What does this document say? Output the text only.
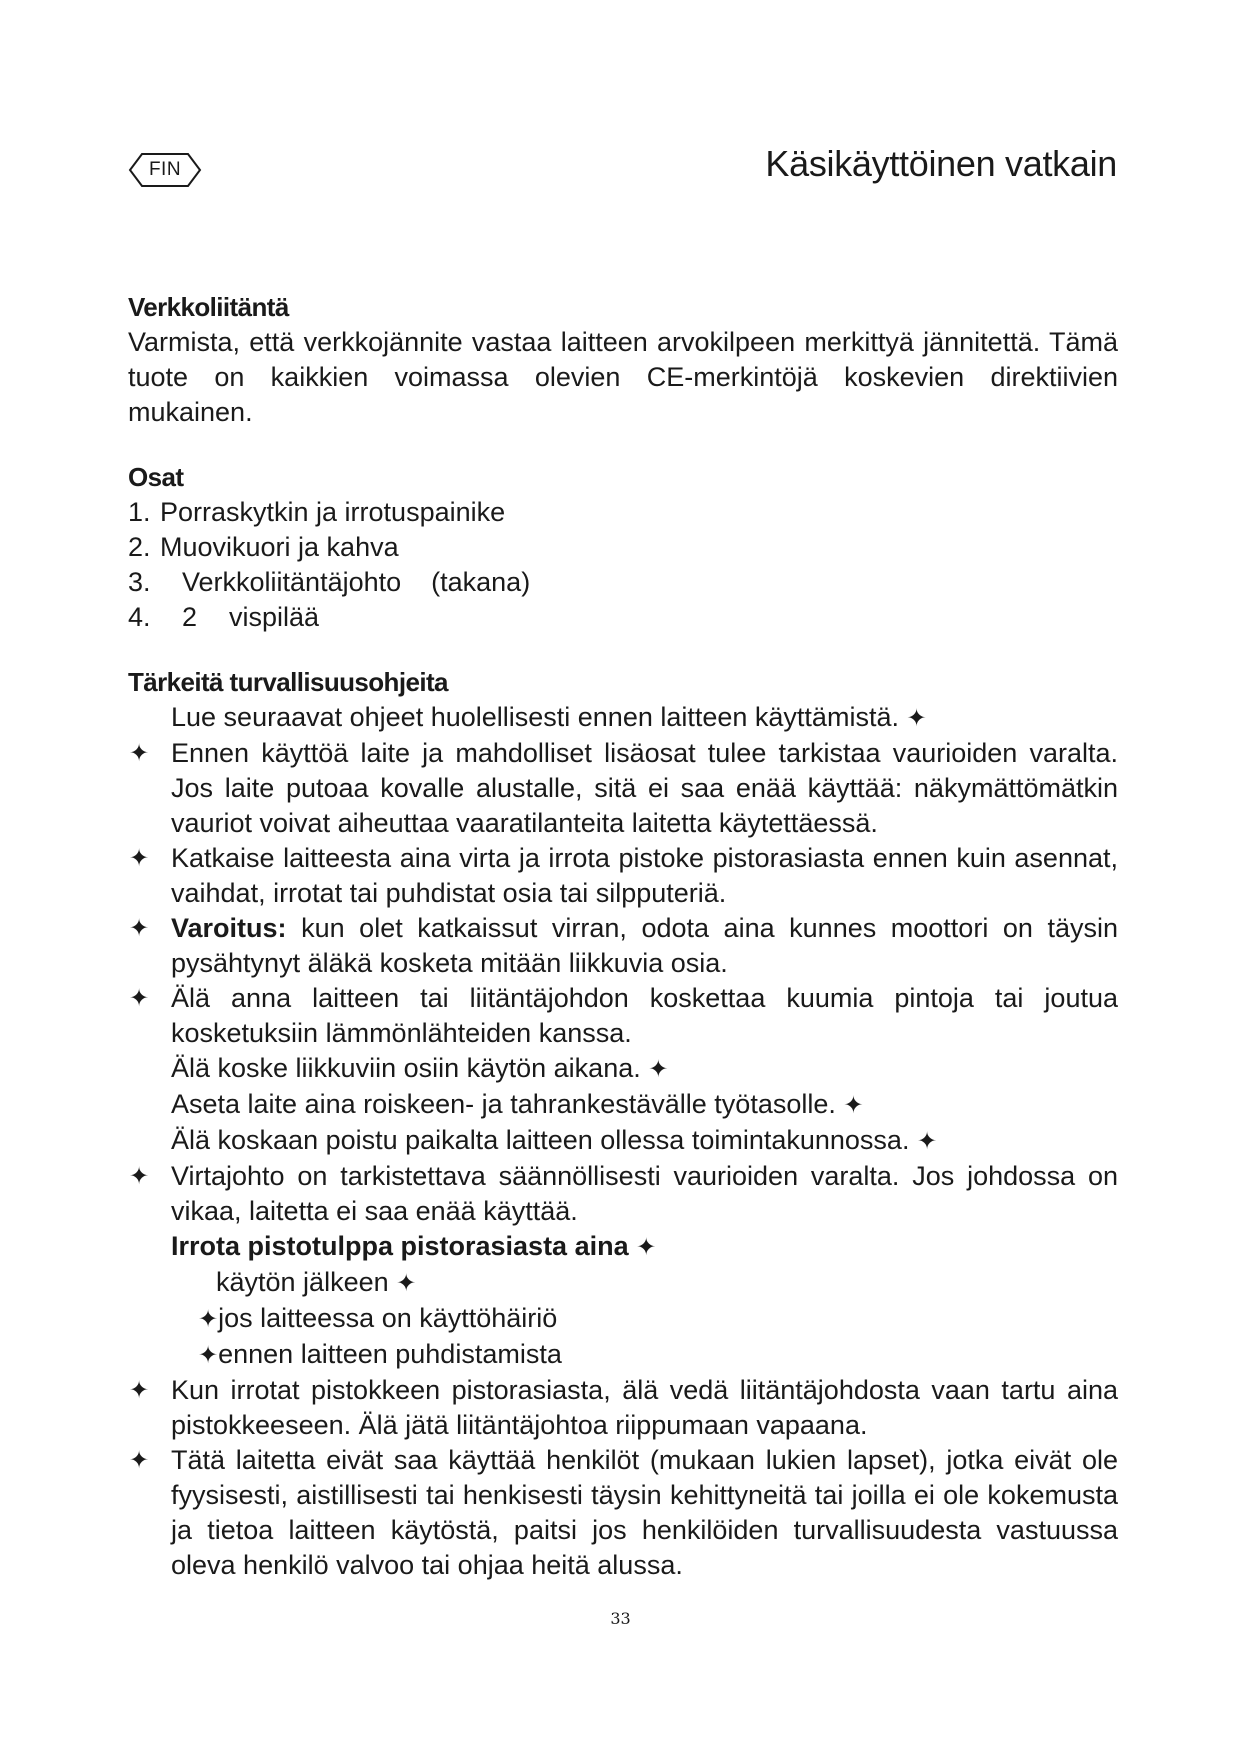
FIN	Käsikäyttöinen vatkain
Verkkoliitäntä

Varmista, että verkkojännite vastaa laitteen arvokilpeen merkittyä jännitettä. Tämä tuote on kaikkien voimassa olevien CE-merkintöjä koskevien direktiivien mukainen.

Osat
1. Porraskytkin ja irrotuspainike
2. Muovikuori ja kahva
3.	Verkkoliitäntäjohto (takana)
4.	2 vispilää
Tärkeitä turvallisuusohjeita

Lue seuraavat ohjeet huolellisesti ennen laitteen käyttämistä. ✦

✦ Ennen käyttöä laite ja mahdolliset lisäosat tulee tarkistaa vaurioiden varalta. Jos laite putoaa kovalle alustalle, sitä ei saa enää käyttää: näkymättömätkin vauriot voivat aiheuttaa vaaratilanteita laitetta käytettäessä.
✦ Katkaise laitteesta aina virta ja irrota pistoke pistorasiasta ennen kuin asennat, vaihdat, irrotat tai puhdistat osia tai silpputeriä.
✦ Varoitus: kun olet katkaissut virran, odota aina kunnes moottori on täysin pysähtynyt äläkä kosketa mitään liikkuvia osia.
✦ Älä anna laitteen tai liitäntäjohdon koskettaa kuumia pintoja tai joutua kosketuksiin lämmönlähteiden kanssa.

Älä koske liikkuviin osiin käytön aikana. ✦

Aseta laite aina roiskeen- ja tahrankestävälle työtasolle. ✦

Älä koskaan poistu paikalta laitteen ollessa toimintakunnossa. ✦

✦ Virtajohto on tarkistettava säännöllisesti vaurioiden varalta. Jos johdossa on vikaa, laitetta ei saa enää käyttää.

Irrota pistotulppa pistorasiasta aina ✦

käytön jälkeen ✦

✦jos laitteessa on käyttöhäiriö

✦ennen laitteen puhdistamista

✦ Kun irrotat pistokkeen pistorasiasta, älä vedä liitäntäjohdosta vaan tartu aina pistokkeeseen. Älä jätä liitäntäjohtoa riippumaan vapaana.
✦ Tätä laitetta eivät saa käyttää henkilöt (mukaan lukien lapset), jotka eivät ole fyysisesti, aistillisesti tai henkisesti täysin kehittyneitä tai joilla ei ole kokemusta ja tietoa laitteen käytöstä, paitsi jos henkilöiden turvallisuudesta vastuussa oleva henkilö valvoo tai ohjaa heitä alussa.
33
